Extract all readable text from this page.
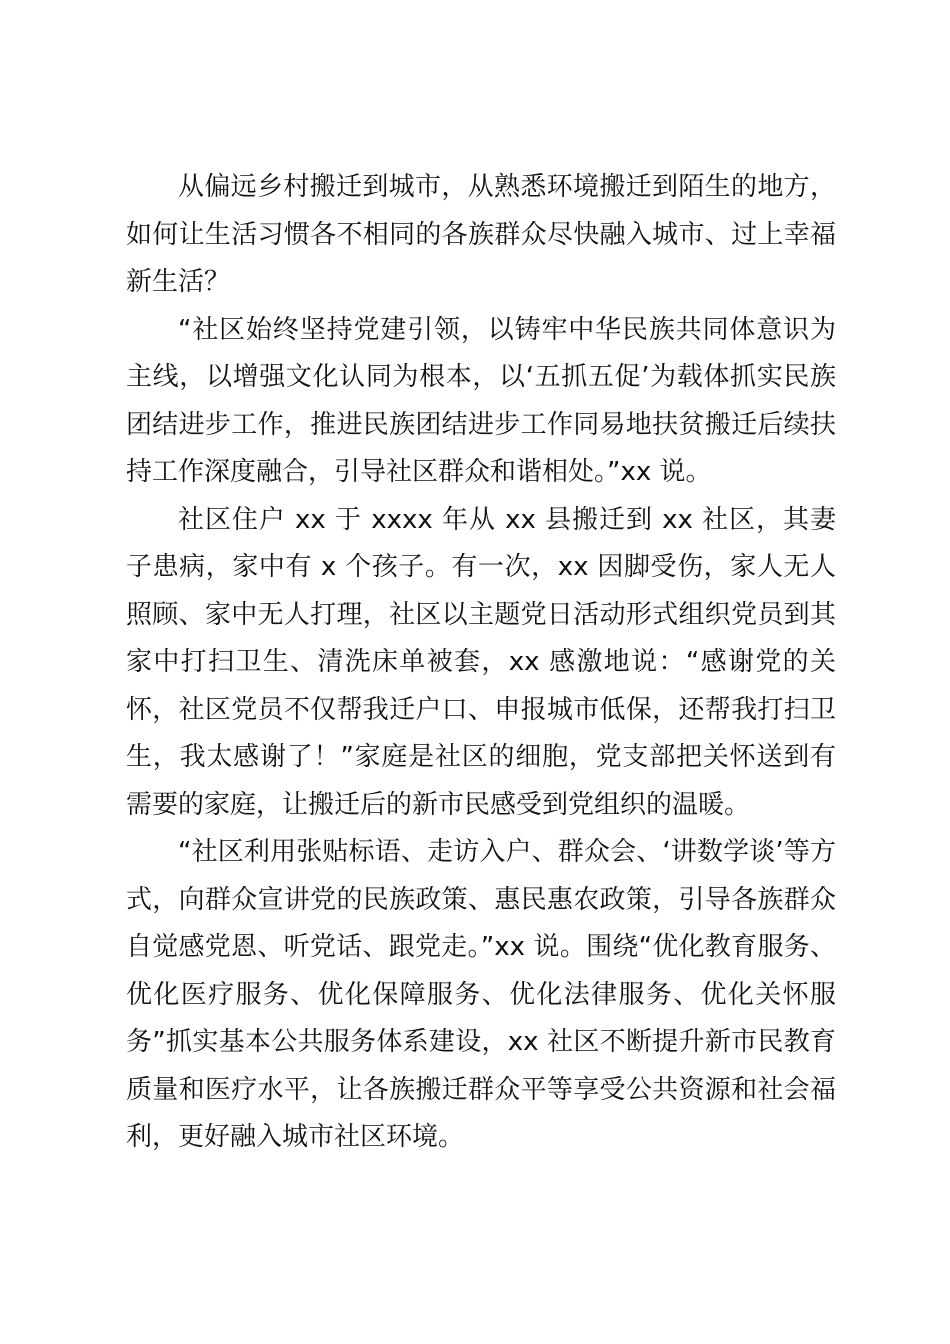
从偏远乡村搬迁到城市，从熟悉环境搬迁到陌生的地方，如何让生活习惯各不相同的各族群众尽快融入城市、过上幸福新生活？

“社区始终坚持党建引领，以铸牢中华民族共同体意识为主线，以增强文化认同为根本，以‘五抓五促’为载体抓实民族团结进步工作，推进民族团结进步工作同易地扶贫搬迁后续扶持工作深度融合，引导社区群众和谐相处。”xx 说。

社区住户 xx 于 xxxx 年从 xx 县搬迁到 xx 社区，其妻子患病，家中有 x 个孩子。有一次，xx 因脚受伤，家人无人照顾、家中无人打理，社区以主题党日活动形式组织党员到其家中打扫卫生、清洗床单被套，xx 感激地说：“感谢党的关怀，社区党员不仅帮我迁户口、申报城市低保，还帮我打扫卫生，我太感谢了！”家庭是社区的细胞，党支部把关怀送到有需要的家庭，让搬迁后的新市民感受到党组织的温暖。

“社区利用张贴标语、走访入户、群众会、‘讲数学谈’等方式，向群众宣讲党的民族政策、惠民惠农政策，引导各族群众自觉感党恩、听党话、跟党走。”xx 说。围绕“优化教育服务、优化医疗服务、优化保障服务、优化法律服务、优化关怀服务”抓实基本公共服务体系建设，xx 社区不断提升新市民教育质量和医疗水平，让各族搬迁群众平等享受公共资源和社会福利，更好融入城市社区环境。
